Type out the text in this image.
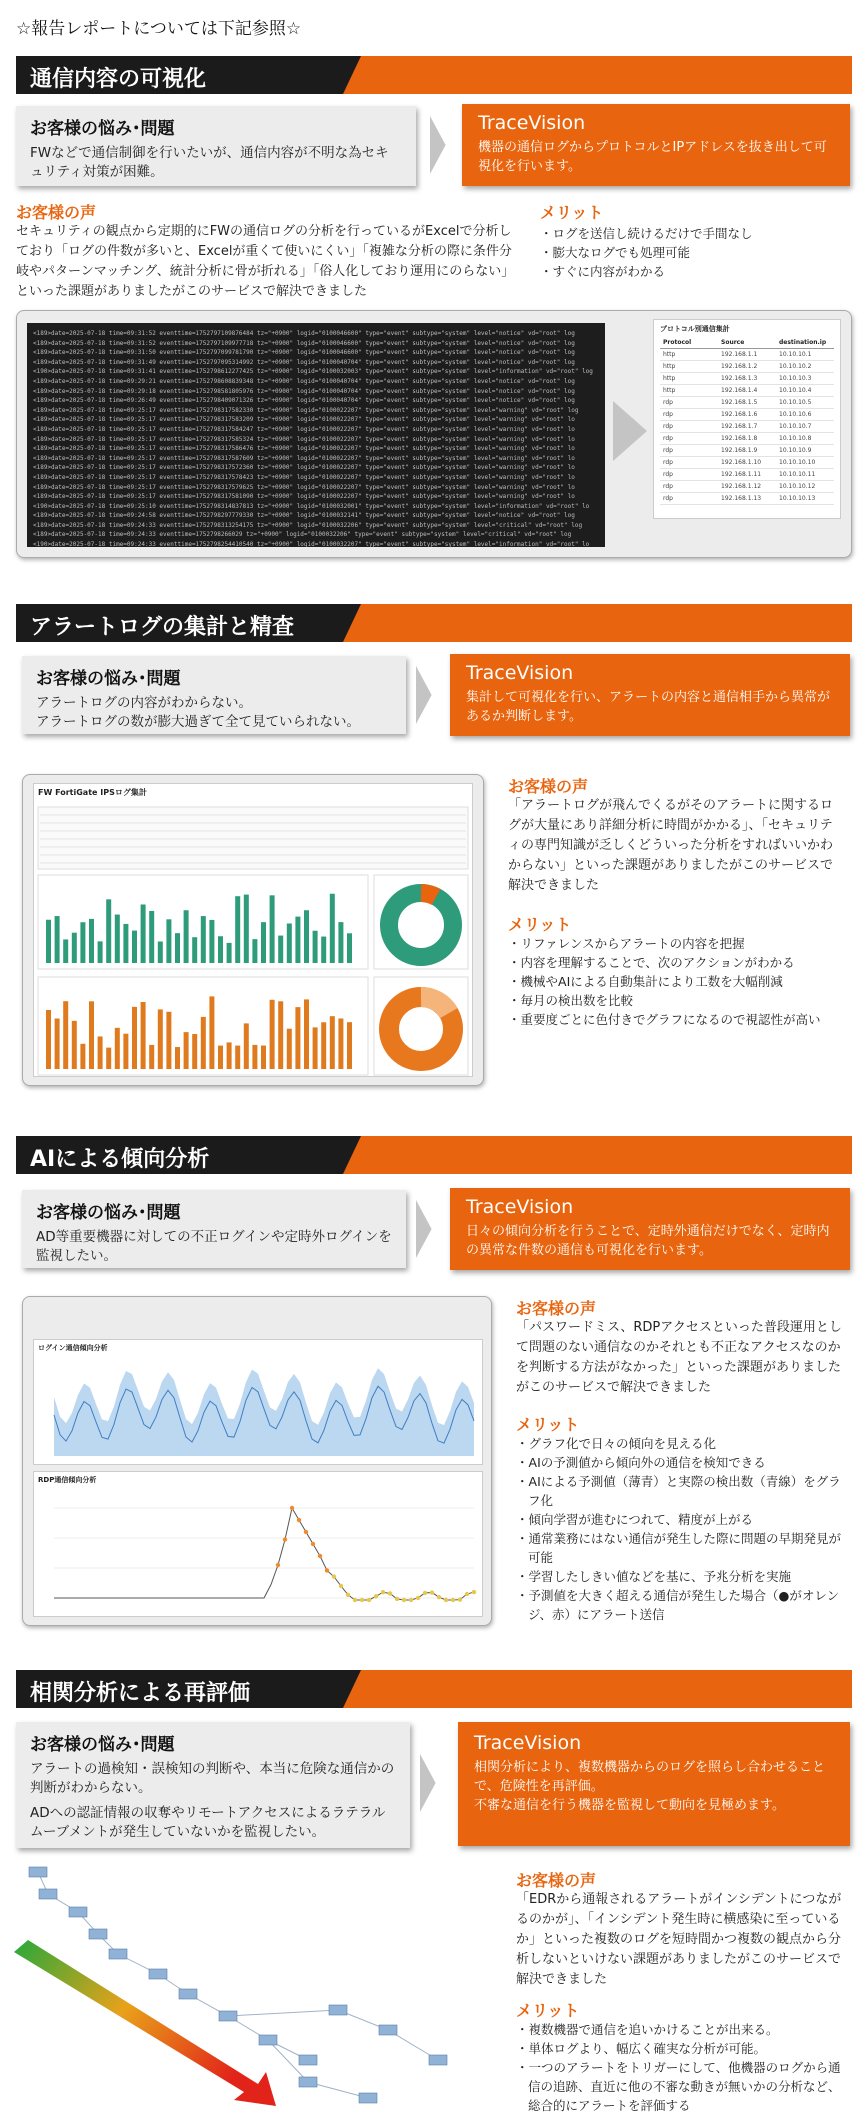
☆報告レポートについては下記参照☆
通信内容の可視化
お客様の悩み･問題
FWなどで通信制御を行いたいが、通信内容が不明な為セキュリティ対策が困難。
TraceVision
機器の通信ログからプロトコルとIPアドレスを抜き出して可視化を行います。
お客様の声
セキュリティの観点から定期的にFWの通信ログの分析を行っているがExcelで分析しており「ログの件数が多いと、Excelが重くて使いにくい」「複雑な分析の際に条件分岐やパターンマッチング、統計分析に骨が折れる」「俗人化しており運用にのらない」といった課題がありましたがこのサービスで解決できました
メリット
・ ログを送信し続けるだけで手間なし
・ 膨大なログでも処理可能
・ すぐに内容がわかる
<189>date=2025-07-18 time=09:31:52 eventtime=1752797109876484 tz="+0900" logid="0100046600" type="event" subtype="system" level="notice" vd="root" log
<189>date=2025-07-18 time=09:31:52 eventtime=1752797109977718 tz="+0900" logid="0100046600" type="event" subtype="system" level="notice" vd="root" log
<189>date=2025-07-18 time=09:31:50 eventtime=1752797099781790 tz="+0900" logid="0100046600" type="event" subtype="system" level="notice" vd="root" log
<189>date=2025-07-18 time=09:31:49 eventtime=1752797095314992 tz="+0900" logid="0100040704" type="event" subtype="system" level="notice" vd="root" log
<190>date=2025-07-18 time=09:31:41 eventtime=1752798612277425 tz="+0900" logid="0100032003" type="event" subtype="system" level="information" vd="root" log
<189>date=2025-07-18 time=09:29:21 eventtime=1752798608839348 tz="+0900" logid="0100040704" type="event" subtype="system" level="notice" vd="root" log
<189>date=2025-07-18 time=09:29:18 eventtime=1752798581805976 tz="+0900" logid="0100040704" type="event" subtype="system" level="notice" vd="root" log
<189>date=2025-07-18 time=09:26:49 eventtime=1752798409071326 tz="+0900" logid="0100040704" type="event" subtype="system" level="notice" vd="root" log
<189>date=2025-07-18 time=09:25:17 eventtime=1752798317582330 tz="+0900" logid="0100022207" type="event" subtype="system" level="warning" vd="root" log
<189>date=2025-07-18 time=09:25:17 eventtime=1752798317583209 tz="+0900" logid="0100022207" type="event" subtype="system" level="warning" vd="root" lo
<189>date=2025-07-18 time=09:25:17 eventtime=1752798317584247 tz="+0900" logid="0100022207" type="event" subtype="system" level="warning" vd="root" lo
<189>date=2025-07-18 time=09:25:17 eventtime=1752798317585324 tz="+0900" logid="0100022207" type="event" subtype="system" level="warning" vd="root" lo
<189>date=2025-07-18 time=09:25:17 eventtime=1752798317586476 tz="+0900" logid="0100022207" type="event" subtype="system" level="warning" vd="root" lo
<189>date=2025-07-18 time=09:25:17 eventtime=1752798317587609 tz="+0900" logid="0100022207" type="event" subtype="system" level="warning" vd="root" lo
<189>date=2025-07-18 time=09:25:17 eventtime=1752798317572360 tz="+0900" logid="0100022207" type="event" subtype="system" level="warning" vd="root" lo
<189>date=2025-07-18 time=09:25:17 eventtime=1752798317578423 tz="+0900" logid="0100022207" type="event" subtype="system" level="warning" vd="root" lo
<189>date=2025-07-18 time=09:25:17 eventtime=1752798317579625 tz="+0900" logid="0100022207" type="event" subtype="system" level="warning" vd="root" lo
<189>date=2025-07-18 time=09:25:17 eventtime=1752798317581090 tz="+0900" logid="0100022207" type="event" subtype="system" level="warning" vd="root" lo
<190>date=2025-07-18 time=09:25:10 eventtime=1752798314837813 tz="+0900" logid="0100032001" type="event" subtype="system" level="information" vd="root" lo
<189>date=2025-07-18 time=09:24:58 eventtime=1752798297779330 tz="+0900" logid="0100032141" type="event" subtype="system" level="notice" vd="root" log
<189>date=2025-07-18 time=09:24:33 eventtime=1752798313254175 tz="+0900" logid="0100032206" type="event" subtype="system" level="critical" vd="root" log
<189>date=2025-07-18 time=09:24:33 eventtime=1752798266029 tz="+0900" logid="0100032206" type="event" subtype="system" level="critical" vd="root" log
<190>date=2025-07-18 time=09:24:33 eventtime=1752798254410540 tz="+0900" logid="0100032207" type="event" subtype="system" level="information" vd="root" lo
プロトコル別通信集計
Protocol	Source	destination.ip
http	192.168.1.1	10.10.10.1
http	192.168.1.2	10.10.10.2
http	192.168.1.3	10.10.10.3
http	192.168.1.4	10.10.10.4
rdp	192.168.1.5	10.10.10.5
rdp	192.168.1.6	10.10.10.6
rdp	192.168.1.7	10.10.10.7
rdp	192.168.1.8	10.10.10.8
rdp	192.168.1.9	10.10.10.9
rdp	192.168.1.10	10.10.10.10
rdp	192.168.1.11	10.10.10.11
rdp	192.168.1.12	10.10.10.12
rdp	192.168.1.13	10.10.10.13
アラートログの集計と精査
お客様の悩み･問題
アラートログの内容がわからない。
アラートログの数が膨大過ぎて全て見ていられない。
TraceVision
集計して可視化を行い、アラートの内容と通信相手から異常があるか判断します。
FW FortiGate IPSログ集計	お客様の声
「アラートログが飛んでくるがそのアラートに関するログが大量にあり詳細分析に時間がかかる」、「セキュリティの専門知識が乏しくどういった分析をすればいいかわからない」といった課題がありましたがこのサービスで解決できました
メリット
・ リファレンスからアラートの内容を把握
・ 内容を理解することで、次のアクションがわかる
・ 機械やAIによる自動集計により工数を大幅削減
・ 毎月の検出数を比較
・ 重要度ごとに色付きでグラフになるので視認性が高い
AIによる傾向分析
お客様の悩み･問題
AD等重要機器に対しての不正ログインや定時外ログインを監視したい。
TraceVision
日々の傾向分析を行うことで、定時外通信だけでなく、定時内の異常な件数の通信も可視化を行います。
ログイン通信傾向分析
RDP通信傾向分析
お客様の声
「パスワードミス、RDPアクセスといった普段運用として問題のない通信なのかそれとも不正なアクセスなのかを判断する方法がなかった」といった課題がありましたがこのサービスで解決できました
メリット
・ グラフ化で日々の傾向を見える化
・ AIの予測値から傾向外の通信を検知できる
・ AIによる予測値（薄青）と実際の検出数（青線）をグラフ化
・ 傾向学習が進むにつれて、精度が上がる
・ 通常業務にはない通信が発生した際に問題の早期発見が可能
・ 学習したしきい値などを基に、予兆分析を実施
・ 予測値を大きく超える通信が発生した場合（●がオレンジ、赤）にアラート送信
相関分析による再評価
お客様の悩み･問題
アラートの過検知・誤検知の判断や、本当に危険な通信かの判断がわからない。
ADへの認証情報の収奪やリモートアクセスによるラテラルムーブメントが発生していないかを監視したい。
TraceVision
相関分析により、複数機器からのログを照らし合わせることで、危険性を再評価。
不審な通信を行う機器を監視して動向を見極めます。
危険度
お客様の声
「EDRから通報されるアラートがインシデントにつながるのかが」、「インシデント発生時に横感染に至っているか」といった複数のログを短時間かつ複数の観点から分析しないといけない課題がありましたがこのサービスで解決できました
メリット
・ 複数機器で通信を追いかけることが出来る。
・ 単体ログより、幅広く確実な分析が可能。
・ 一つのアラートをトリガーにして、他機器のログから通信の追跡、直近に他の不審な動きが無いかの分析など、総合的にアラートを評価する
